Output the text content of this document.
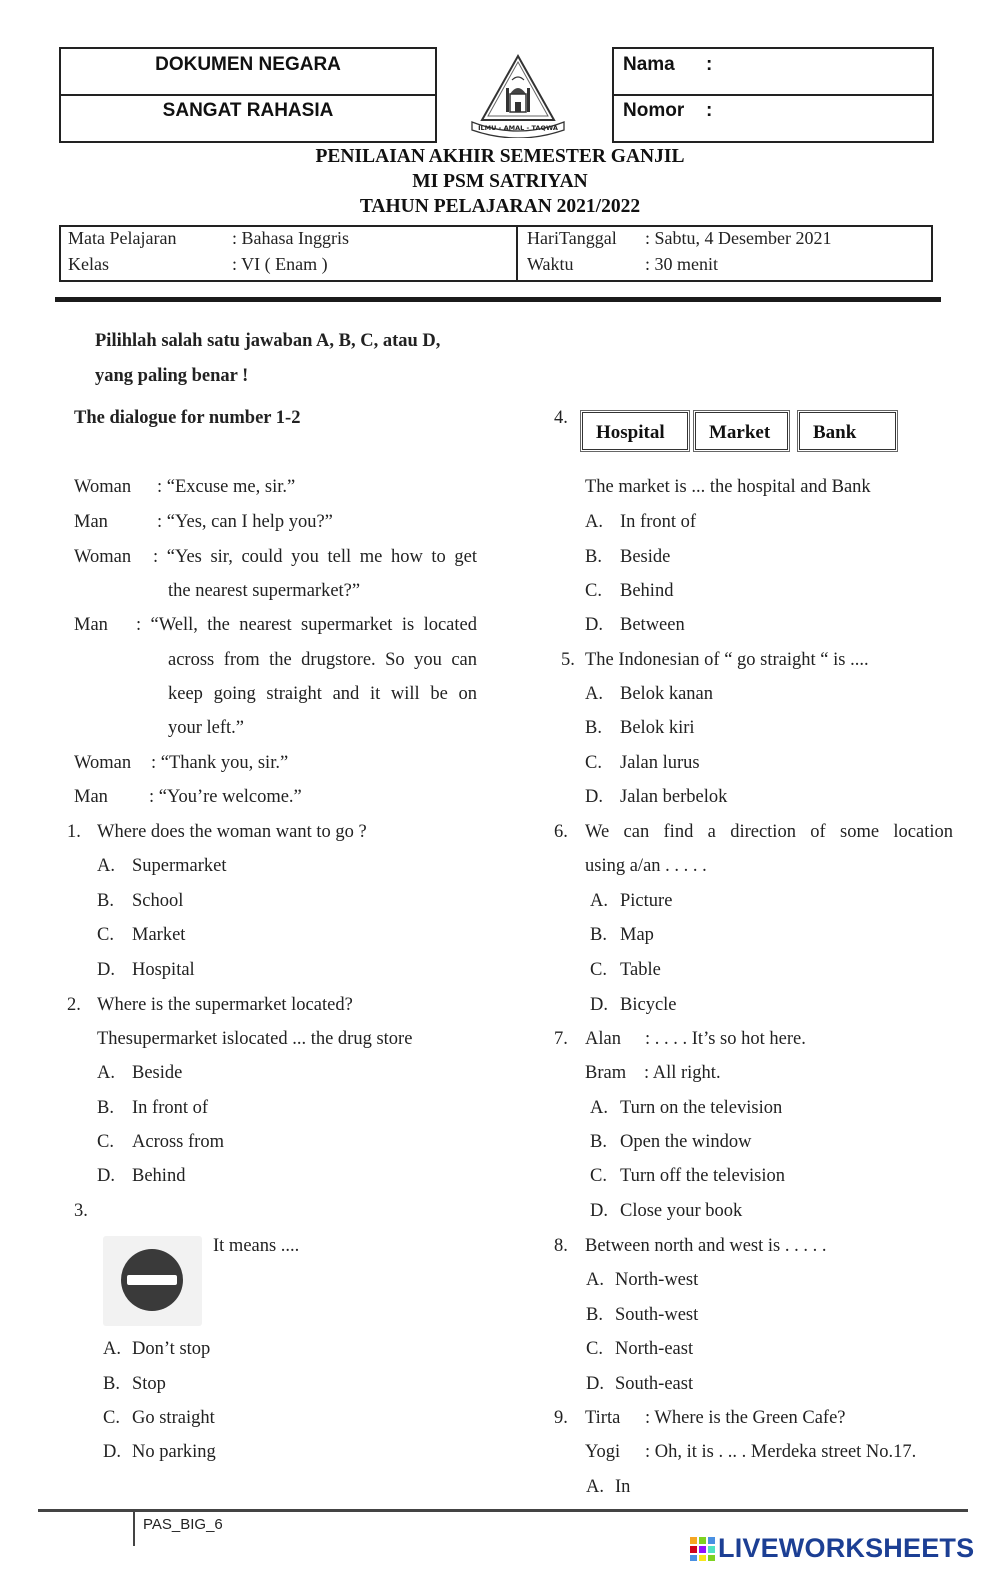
DOKUMEN NEGARA
SANGAT RAHASIA
Nama :
Nomor :
ILMU - AMAL - TAQWA
PENILAIAN AKHIR SEMESTER GANJIL
MI PSM SATRIYAN
TAHUN PELAJARAN 2021/2022
Mata Pelajaran	: Bahasa Inggris
Kelas	: VI ( Enam )
HariTanggal : Sabtu, 4 Desember 2021
Waktu	: 30 menit
Pilihlah salah satu jawaban A, B, C, atau D,
yang paling benar !
The dialogue for number 1-2
Woman : “Excuse me, sir.”
Man	: “Yes, can I help you?”
Woman : “Yes sir, could you tell me how to get
the nearest supermarket?”
Man : “Well, the nearest supermarket is located
across from the drugstore. So you can
keep going straight and it will be on
your left.”
Woman : “Thank you, sir.”
Man : “You’re welcome.”
1. Where does the woman want to go ?
A. Supermarket
B. School
C. Market
D. Hospital
2. Where is the supermarket located?
Thesupermarket islocated ... the drug store
A. Beside
B. In front of
C. Across from
D. Behind
3.
It means ....
A. Don’t stop
B. Stop
C. Go straight
D. No parking
4.
Hospital	Market	Bank
The market is ... the hospital and Bank
A. In front of
B. Beside
C. Behind
D. Between
5. The Indonesian of “ go straight “ is ....
A. Belok kanan
B. Belok kiri
C. Jalan lurus
D. Jalan berbelok
6. We can find a direction of some location
using a/an . . . . .
A. Picture
B. Map
C. Table
D. Bicycle
7. Alan : . . . . It’s so hot here.
Bram : All right.
A. Turn on the television
B. Open the window
C. Turn off the television
D. Close your book
8. Between north and west is . . . . .
A. North-west
B. South-west
C. North-east
D. South-east
9. Tirta : Where is the Green Cafe?
Yogi : Oh, it is . .. . Merdeka street No.17.
A. In
PAS_BIG_6
LIVEWORKSHEETS
